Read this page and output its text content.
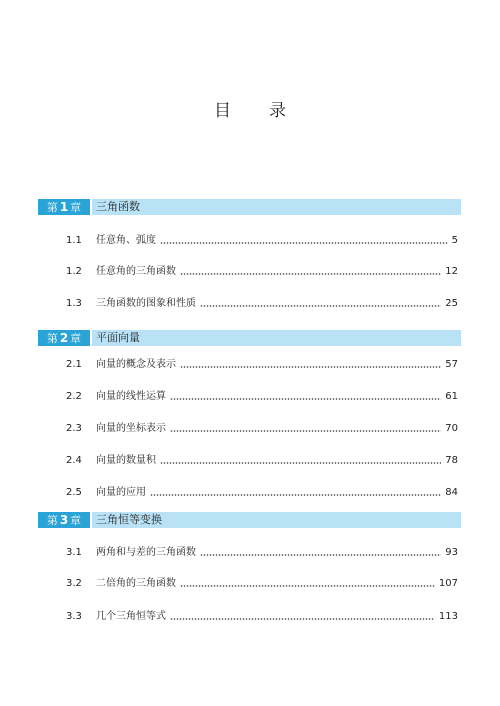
目 录
第 1 章	三角函数
1.1	任意角、弧度	5
1.2	任意角的三角函数	12
1.3	三角函数的图象和性质	25
第 2 章	平面向量
2.1	向量的概念及表示	57
2.2	向量的线性运算	61
2.3	向量的坐标表示	70
2.4	向量的数量积	78
2.5	向量的应用	84
第 3 章	三角恒等变换
3.1	两角和与差的三角函数	93
3.2	二倍角的三角函数	107
3.3	几个三角恒等式	113
